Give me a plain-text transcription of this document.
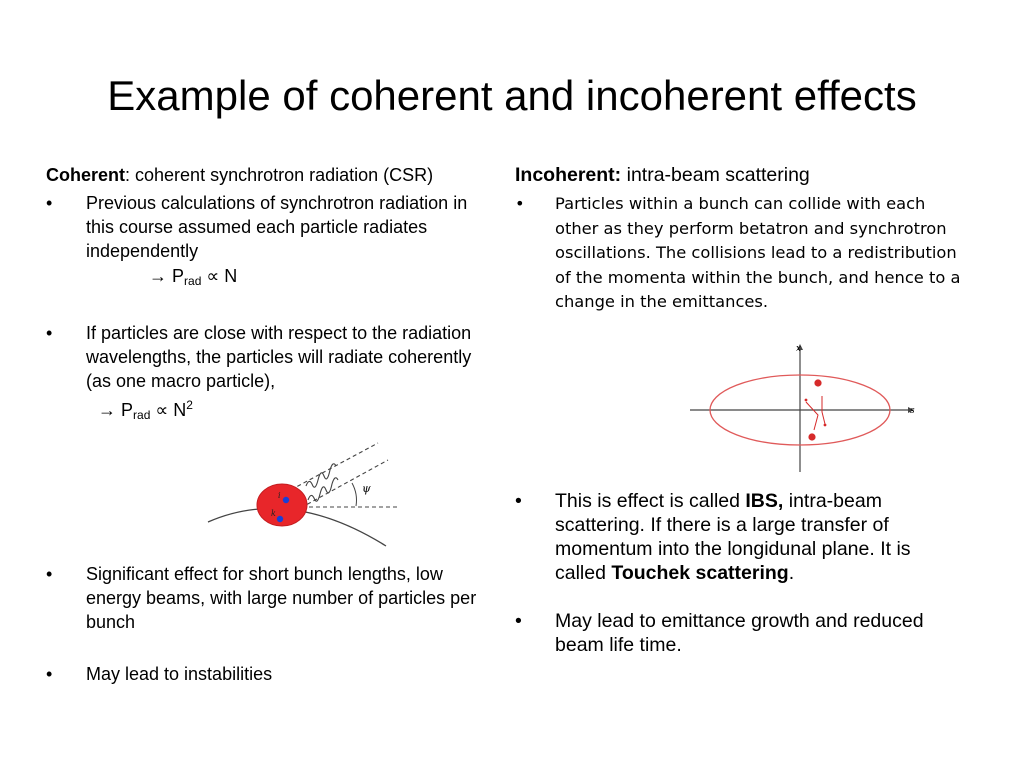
Example of coherent and incoherent effects
Coherent: coherent synchrotron radiation (CSR)
• Previous calculations of synchrotron radiation in this course assumed each particle radiates independently
→ $P_{rad} \propto N$
• If particles are close with respect to the radiation wavelengths, the particles will radiate coherently (as one macro particle),
→ $P_{rad} \propto N^2$
ψ
i
k
• Significant effect for short bunch lengths, low energy beams, with large number of particles per bunch
• May lead to instabilities
Incoherent: intra-beam scattering
• Particles within a bunch can collide with each other as they perform betatron and synchrotron oscillations. The collisions lead to a redistribution of the momenta within the bunch, and hence to a change in the emittances.
x
s
• This is effect is called IBS, intra-beam scattering. If there is a large transfer of momentum into the longidunal plane. It is called Touchek scattering.
• May lead to emittance growth and reduced beam life time.
